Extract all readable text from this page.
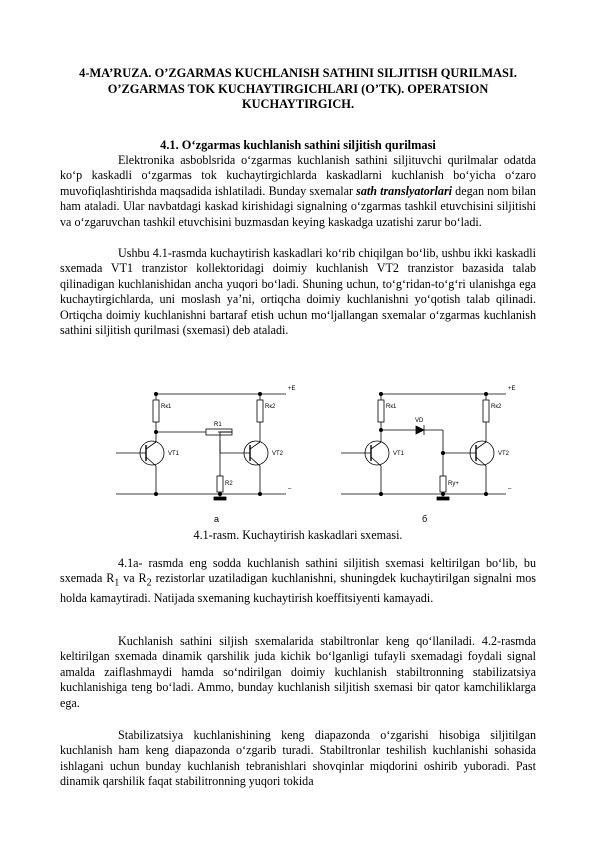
4-MA’RUZA. O’ZGARMAS KUCHLANISH SATHINI SILJITISH QURILMASI. O’ZGARMAS TOK KUCHAYTIRGICHLARI (O’TK). OPERATSION KUCHAYTIRGICH.
4.1. O‘zgarmas kuchlanish sathini siljitish qurilmasi

Elektronika asboblsrida o‘zgarmas kuchlanish sathini siljituvchi qurilmalar odatda ko‘p kaskadli o‘zgarmas tok kuchaytirgichlarda kaskadlarni kuchlanish bo‘yicha o‘zaro muvofiqlashtirishda maqsadida ishlatiladi. Bunday sxemalar sath translyatorlari degan nom bilan ham ataladi. Ular navbatdagi kaskad kirishidagi signalning o‘zgarmas tashkil etuvchisini siljitishi va o‘zgaruvchan tashkil etuvchisini buzmasdan keying kaskadga uzatishi zarur bo‘ladi.

Ushbu 4.1-rasmda kuchaytirish kaskadlari ko‘rib chiqilgan bo‘lib, ushbu ikki kaskadli sxemada VT1 tranzistor kollektoridagi doimiy kuchlanish VT2 tranzistor bazasida talab qilinadigan kuchlanishidan ancha yuqori bo‘ladi. Shuning uchun, to‘g‘ridan-to‘g‘ri ulanishga ega kuchaytirgichlarda, uni moslash ya’ni, ortiqcha doimiy kuchlanishni yo‘qotish talab qilinadi. Ortiqcha doimiy kuchlanishni bartaraf etish uchun mo‘ljallangan sxemalar o‘zgarmas kuchlanish sathini siljitish qurilmasi (sxemasi) deb ataladi.

Rк1	Rк2
R1
R2
VT1	VT2
+E
–
а
Rк1	Rк2
VD
Rу+
VT1	VT2
+E
–
б
4.1-rasm. Kuchaytirish kaskadlari sxemasi.

4.1a- rasmda eng sodda kuchlanish sathini siljitish sxemasi keltirilgan bo‘lib, bu sxemada $R_1$ va $R_2$ rezistorlar uzatiladigan kuchlanishni, shuningdek kuchaytirilgan signalni mos holda kamaytiradi. Natijada sxemaning kuchaytirish koeffitsiyenti kamayadi.

Kuchlanish sathini siljish sxemalarida stabiltronlar keng qo‘llaniladi. 4.2-rasmda keltirilgan sxemada dinamik qarshilik juda kichik bo‘lganligi tufayli sxemadagi foydali signal amalda zaiflashmaydi hamda so‘ndirilgan doimiy kuchlanish stabiltronning stabilizatsiya kuchlanishiga teng bo‘ladi. Ammo, bunday kuchlanish siljitish sxemasi bir qator kamchiliklarga ega.

Stabilizatsiya kuchlanishining keng diapazonda o‘zgarishi hisobiga siljitilgan kuchlanish ham keng diapazonda o‘zgarib turadi. Stabiltronlar teshilish kuchlanishi sohasida ishlagani uchun bunday kuchlanish tebranishlari shovqinlar miqdorini oshirib yuboradi. Past dinamik qarshilik faqat stabilitronning yuqori tokida
